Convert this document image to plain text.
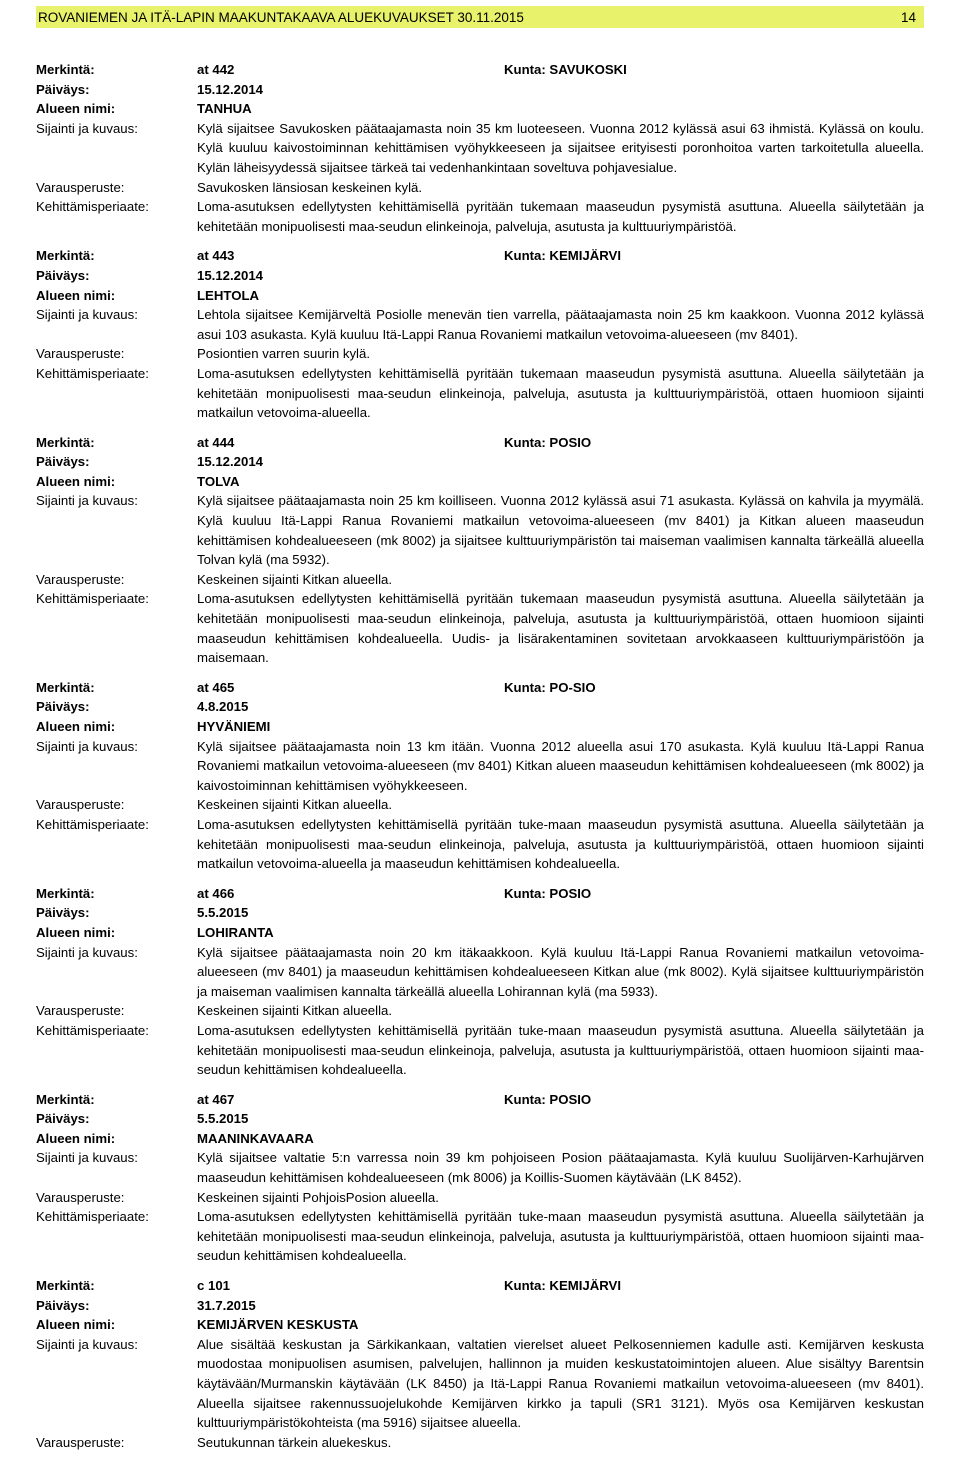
ROVANIEMEN JA ITÄ-LAPIN MAAKUNTAKAAVA ALUEKUVAUKSET 30.11.2015	14
Merkintä:	at 442	Kunta: SAVUKOSKI
Päiväys:	15.12.2014
Alueen nimi:	TANHUA
Sijainti ja kuvaus:	Kylä sijaitsee Savukosken päätaajamasta noin 35 km luoteeseen. Vuonna 2012 kylässä asui 63 ihmistä. Kylässä on koulu. Kylä kuuluu kaivostoiminnan kehittämisen vyöhykkeeseen ja sijaitsee erityisesti poronhoitoa varten tarkoitetulla alueella. Kylän läheisyydessä sijaitsee tärkeä tai vedenhankintaan soveltuva pohjavesialue.
Varausperuste:	Savukosken länsiosan keskeinen kylä.
Kehittämisperiaate:	Loma-asutuksen edellytysten kehittämisellä pyritään tukemaan maaseudun pysymistä asuttuna. Alueella säilytetään ja kehitetään monipuolisesti maa-seudun elinkeinoja, palveluja, asutusta ja kulttuuriympäristöä.
Merkintä:	at 443	Kunta: KEMIJÄRVI
Päiväys:	15.12.2014
Alueen nimi:	LEHTOLA
Sijainti ja kuvaus:	Lehtola sijaitsee Kemijärveltä Posiolle menevän tien varrella, päätaajamasta noin 25 km kaakkoon. Vuonna 2012 kylässä asui 103 asukasta. Kylä kuuluu Itä-Lappi Ranua Rovaniemi matkailun vetovoima-alueeseen (mv 8401).
Varausperuste:	Posiontien varren suurin kylä.
Kehittämisperiaate:	Loma-asutuksen edellytysten kehittämisellä pyritään tukemaan maaseudun pysymistä asuttuna. Alueella säilytetään ja kehitetään monipuolisesti maa-seudun elinkeinoja, palveluja, asutusta ja kulttuuriympäristöä, ottaen huomioon sijainti matkailun vetovoima-alueella.
Merkintä:	at 444	Kunta: POSIO
Päiväys:	15.12.2014
Alueen nimi:	TOLVA
Sijainti ja kuvaus:	Kylä sijaitsee päätaajamasta noin 25 km koilliseen. Vuonna 2012 kylässä asui 71 asukasta. Kylässä on kahvila ja myymälä. Kylä kuuluu Itä-Lappi Ranua Rovaniemi matkailun vetovoima-alueeseen (mv 8401) ja Kitkan alueen maaseudun kehittämisen kohdealueeseen (mk 8002) ja sijaitsee kulttuuriympäristön tai maiseman vaalimisen kannalta tärkeällä alueella Tolvan kylä (ma 5932).
Varausperuste:	Keskeinen sijainti Kitkan alueella.
Kehittämisperiaate:	Loma-asutuksen edellytysten kehittämisellä pyritään tukemaan maaseudun pysymistä asuttuna. Alueella säilytetään ja kehitetään monipuolisesti maa-seudun elinkeinoja, palveluja, asutusta ja kulttuuriympäristöä, ottaen huomioon sijainti maaseudun kehittämisen kohdealueella. Uudis- ja lisärakentaminen sovitetaan arvokkaaseen kulttuuriympäristöön ja maisemaan.
Merkintä:	at 465	Kunta: PO-SIO
Päiväys:	4.8.2015
Alueen nimi:	HYVÄNIEMI
Sijainti ja kuvaus:	Kylä sijaitsee päätaajamasta noin 13 km itään. Vuonna 2012 alueella asui 170 asukasta. Kylä kuuluu Itä-Lappi Ranua Rovaniemi matkailun vetovoima-alueeseen (mv 8401) Kitkan alueen maaseudun kehittämisen kohdealueeseen (mk 8002) ja kaivostoiminnan kehittämisen vyöhykkeeseen.
Varausperuste:	Keskeinen sijainti Kitkan alueella.
Kehittämisperiaate:	Loma-asutuksen edellytysten kehittämisellä pyritään tuke-maan maaseudun pysymistä asuttuna. Alueella säilytetään ja kehitetään monipuolisesti maa-seudun elinkeinoja, palveluja, asutusta ja kulttuuriympäristöä, ottaen huomioon sijainti matkailun vetovoima-alueella ja maaseudun kehittämisen kohdealueella.
Merkintä:	at 466	Kunta: POSIO
Päiväys:	5.5.2015
Alueen nimi:	LOHIRANTA
Sijainti ja kuvaus:	Kylä sijaitsee päätaajamasta noin 20 km itäkaakkoon. Kylä kuuluu Itä-Lappi Ranua Rovaniemi matkailun vetovoima-alueeseen (mv 8401) ja maaseudun kehittämisen kohdealueeseen Kitkan alue (mk 8002). Kylä sijaitsee kulttuuriympäristön ja maiseman vaalimisen kannalta tärkeällä alueella Lohirannan kylä (ma 5933).
Varausperuste:	Keskeinen sijainti Kitkan alueella.
Kehittämisperiaate:	Loma-asutuksen edellytysten kehittämisellä pyritään tuke-maan maaseudun pysymistä asuttuna. Alueella säilytetään ja kehitetään monipuolisesti maa-seudun elinkeinoja, palveluja, asutusta ja kulttuuriympäristöä, ottaen huomioon sijainti maa-seudun kehittämisen kohdealueella.
Merkintä:	at 467	Kunta: POSIO
Päiväys:	5.5.2015
Alueen nimi:	MAANINKAVAARA
Sijainti ja kuvaus:	Kylä sijaitsee valtatie 5:n varressa noin 39 km pohjoiseen Posion päätaajamasta. Kylä kuuluu Suolijärven-Karhujärven maaseudun kehittämisen kohdealueeseen (mk 8006) ja Koillis-Suomen käytävään (LK 8452).
Varausperuste:	Keskeinen sijainti PohjoisPosion alueella.
Kehittämisperiaate:	Loma-asutuksen edellytysten kehittämisellä pyritään tuke-maan maaseudun pysymistä asuttuna. Alueella säilytetään ja kehitetään monipuolisesti maa-seudun elinkeinoja, palveluja, asutusta ja kulttuuriympäristöä, ottaen huomioon sijainti maa-seudun kehittämisen kohdealueella.
Merkintä:	c 101	Kunta: KEMIJÄRVI
Päiväys:	31.7.2015
Alueen nimi:	KEMIJÄRVEN KESKUSTA
Sijainti ja kuvaus:	Alue sisältää keskustan ja Särkikankaan, valtatien vierelset alueet Pelkosenniemen kadulle asti. Kemijärven keskusta muodostaa monipuolisen asumisen, palvelujen, hallinnon ja muiden keskustatoimintojen alueen. Alue sisältyy Barentsin käytävään/Murmanskin käytävään (LK 8450) ja Itä-Lappi Ranua Rovaniemi matkailun vetovoima-alueeseen (mv 8401). Alueella sijaitsee rakennussuojelukohde Kemijärven kirkko ja tapuli (SR1 3121). Myös osa Kemijärven keskustan kulttuuriympäristökohteista (ma 5916) sijaitsee alueella.
Varausperuste:	Seutukunnan tärkein aluekeskus.
